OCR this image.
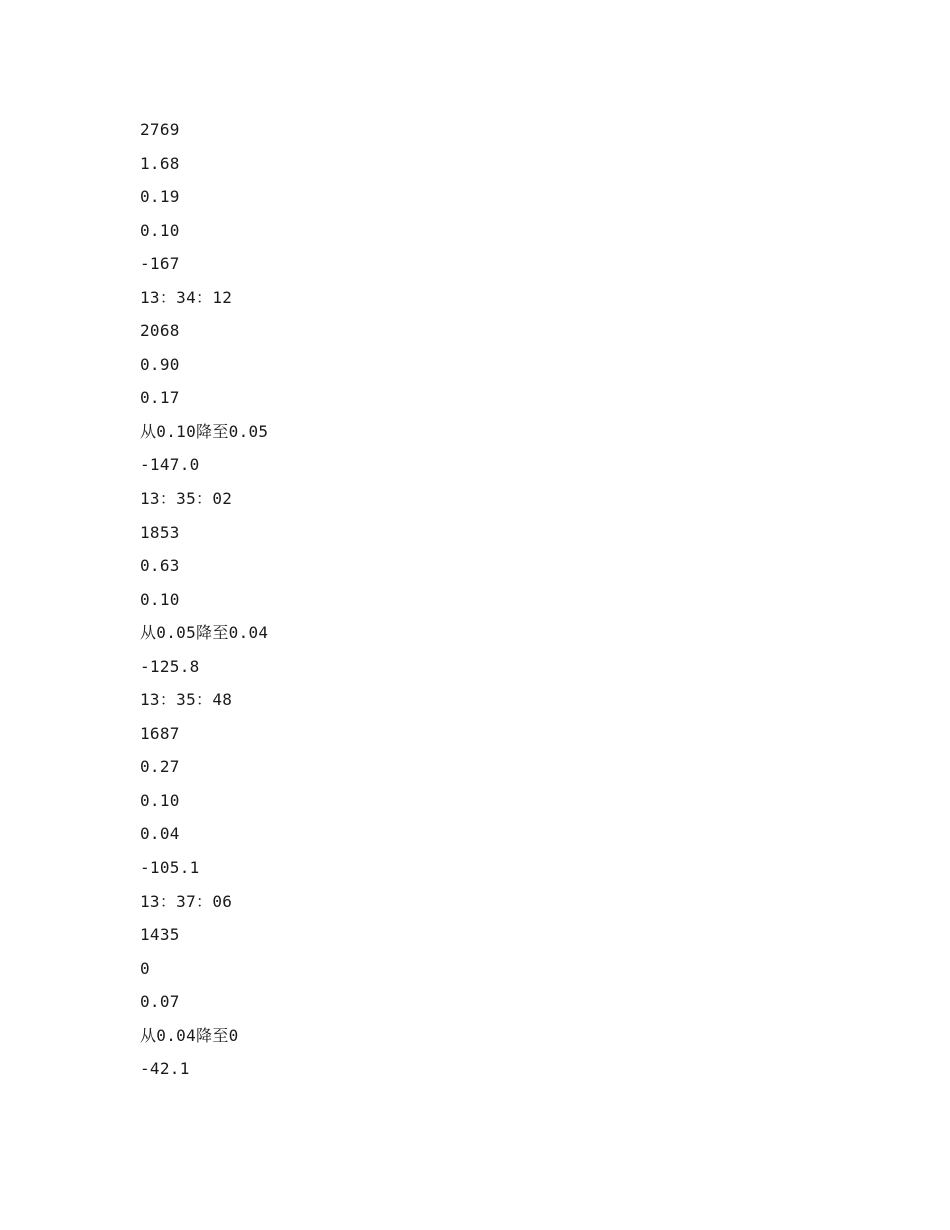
2769
1.68
0.19
0.10
-167
13：34：12
2068
0.90
0.17
从0.10降至0.05
-147.0
13：35：02
1853
0.63
0.10
从0.05降至0.04
-125.8
13：35：48
1687
0.27
0.10
0.04
-105.1
13：37：06
1435
0
0.07
从0.04降至0
-42.1
